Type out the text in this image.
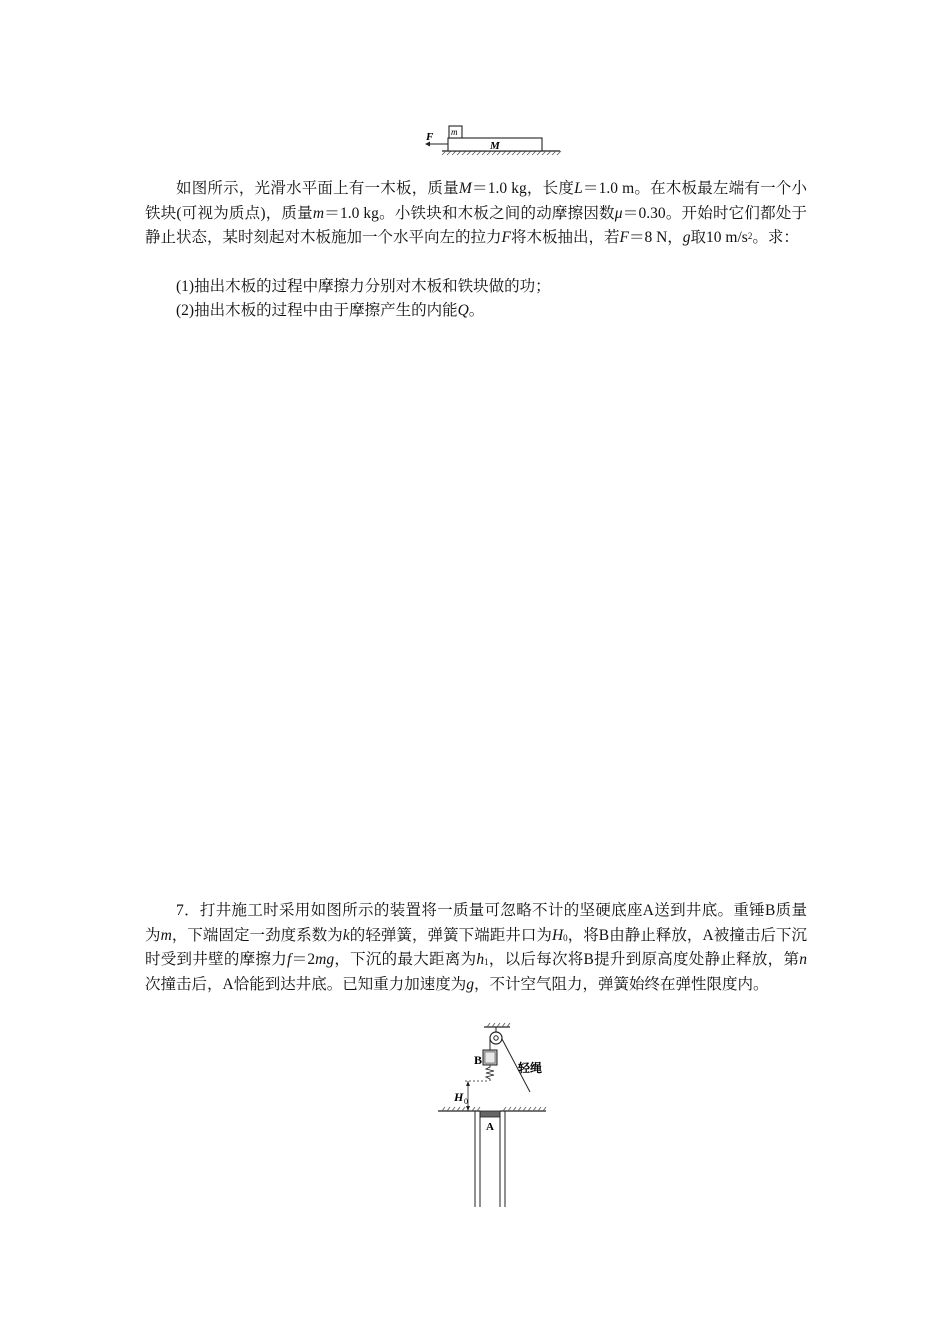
F m
M

如图所示，光滑水平面上有一木板，质量M＝1.0 kg，长度L＝1.0 m。在木板最左端有一个小铁块(可视为质点)，质量m＝1.0 kg。小铁块和木板之间的动摩擦因数μ＝0.30。开始时它们都处于静止状态，某时刻起对木板施加一个水平向左的拉力F将木板抽出，若F＝8 N，g取10 $m/s^2$。求：

(1)抽出木板的过程中摩擦力分别对木板和铁块做的功；

(2)抽出木板的过程中由于摩擦产生的内能Q。

7．打井施工时采用如图所示的装置将一质量可忽略不计的坚硬底座A送到井底。重锤B质量为m，下端固定一劲度系数为k的轻弹簧，弹簧下端距井口为$H_0$，将B由静止释放，A被撞击后下沉时受到井壁的摩擦力f＝2mg，下沉的最大距离为$h_1$，以后每次将B提升到原高度处静止释放，第n次撞击后，A恰能到达井底。已知重力加速度为g，不计空气阻力，弹簧始终在弹性限度内。

轻绳
B
H 0
A
